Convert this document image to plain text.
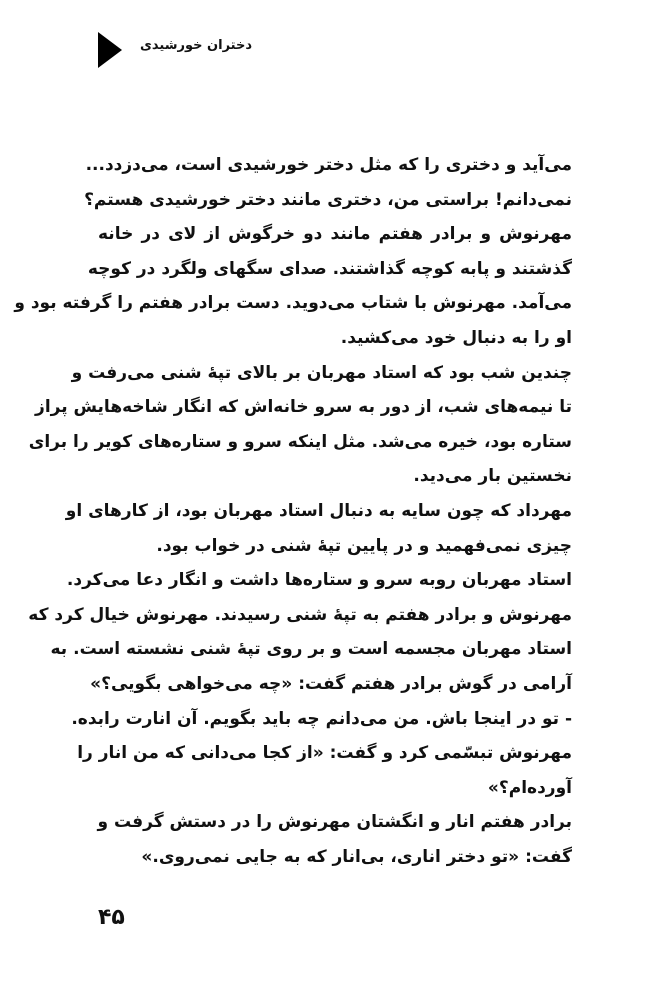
دختران خورشیدی
می‌آید و دختری را که مثل دختر خورشیدی است، می‌دزدد...
نمی‌دانم! براستی من، دختری مانند دختر خورشیدی هستم؟
مهرنوش و برادر هفتم مانند دو خرگوش از لای در خانه
گذشتند و پابه کوچه گذاشتند. صدای سگهای ولگرد در کوچه
می‌آمد. مهرنوش با شتاب می‌دوید. دست برادر هفتم را گرفته بود و
او را به دنبال خود می‌کشید.
چندین شب بود که استاد مهربان بر بالای تپهٔ شنی می‌رفت و
تا نیمه‌های شب، از دور به سرو خانه‌اش که انگار شاخه‌هایش پراز
ستاره بود، خیره می‌شد. مثل اینکه سرو و ستاره‌های کویر را برای
نخستین بار می‌دید.
مهرداد که چون سایه به دنبال استاد مهربان بود، از کارهای او
چیزی نمی‌فهمید و در پایین تپهٔ شنی در خواب بود.
استاد مهربان روبه سرو و ستاره‌ها داشت و انگار دعا می‌کرد.
مهرنوش و برادر هفتم به تپهٔ شنی رسیدند. مهرنوش خیال کرد که
استاد مهربان مجسمه است و بر روی تپهٔ شنی نشسته است. به
آرامی در گوش برادر هفتم گفت: «چه می‌خواهی بگویی؟»
- تو در اینجا باش. من می‌دانم چه باید بگویم. آن انارت رابده.
مهرنوش تبسّمی کرد و گفت: «از کجا می‌دانی که من انار را
آورده‌ام؟»
برادر هفتم انار و انگشتان مهرنوش را در دستش گرفت و
گفت: «تو دختر اناری، بی‌انار که به جایی نمی‌روی.»
۴۵
